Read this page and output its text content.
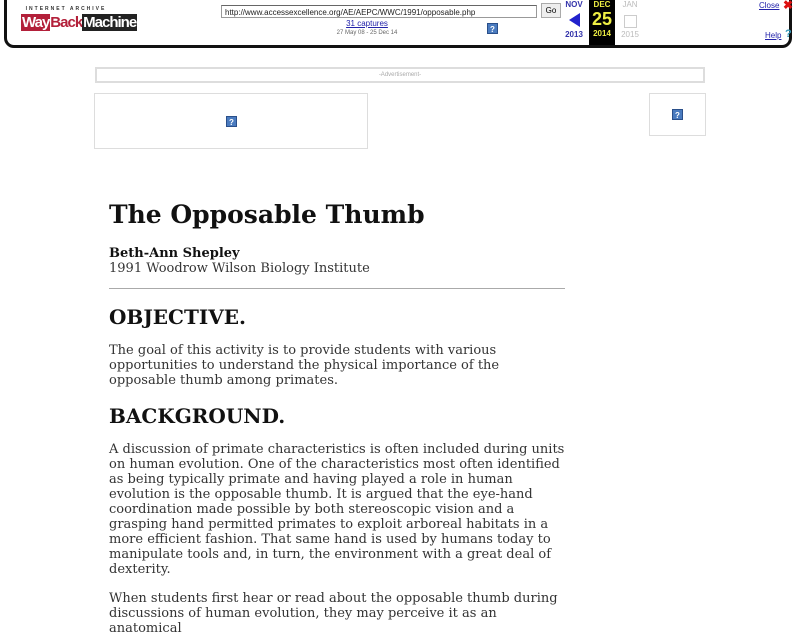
INTERNET ARCHIVE
WayBackMachine
http://www.accessexcellence.org/AE/AEPC/WWC/1991/opposable.php	Go
31 captures
27 May 08 - 25 Dec 14	?
NOV
2013
DEC
25
2014
JAN
2015
Close ✖
Help ?
-Advertisement-
?
?
The Opposable Thumb
Beth-Ann Shepley
1991 Woodrow Wilson Biology Institute
OBJECTIVE.

The goal of this activity is to provide students with various opportunities to understand the physical importance of the opposable thumb among primates.

BACKGROUND.

A discussion of primate characteristics is often included during units on human evolution. One of the characteristics most often identified as being typically primate and having played a role in human evolution is the opposable thumb. It is argued that the eye-hand coordination made possible by both stereoscopic vision and a grasping hand permitted primates to exploit arboreal habitats in a more efficient fashion. That same hand is used by humans today to manipulate tools and, in turn, the environment with a great deal of dexterity.

When students first hear or read about the opposable thumb during discussions of human evolution, they may perceive it as an anatomical
